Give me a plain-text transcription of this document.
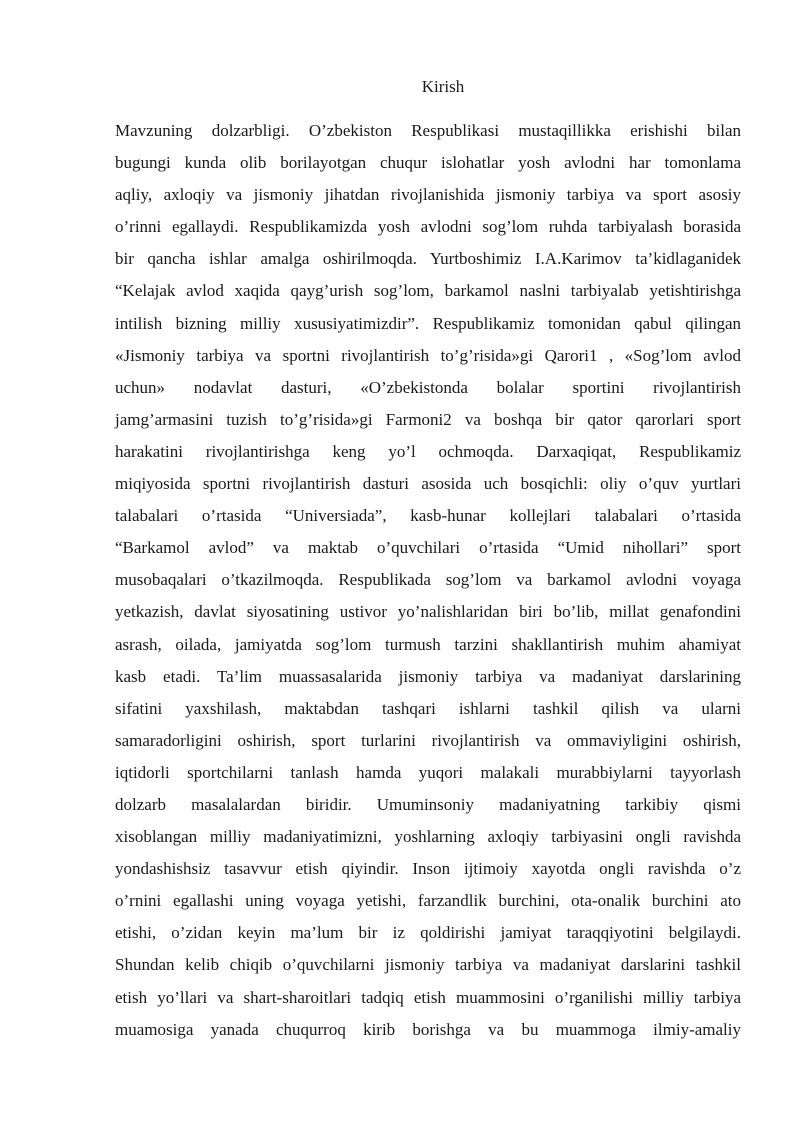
Kirish
Mavzuning dolzarbligi. O’zbekiston Respublikasi mustaqillikka erishishi bilan
bugungi kunda olib borilayotgan chuqur islohatlar yosh avlodni har tomonlama
aqliy, axloqiy va jismoniy jihatdan rivojlanishida jismoniy tarbiya va sport asosiy
o’rinni egallaydi. Respublikamizda yosh avlodni sog’lom ruhda tarbiyalash borasida
bir qancha ishlar amalga oshirilmoqda. Yurtboshimiz I.A.Karimov ta’kidlaganidek
“Kelajak avlod xaqida qayg’urish sog’lom, barkamol naslni tarbiyalab yetishtirishga
intilish bizning milliy xususiyatimizdir”. Respublikamiz tomonidan qabul qilingan
«Jismoniy tarbiya va sportni rivojlantirish to’g’risida»gi Qarori1 , «Sog’lom avlod
uchun» nodavlat dasturi, «O’zbekistonda bolalar sportini rivojlantirish
jamg’armasini tuzish to’g’risida»gi Farmoni2 va boshqa bir qator qarorlari sport
harakatini rivojlantirishga keng yo’l ochmoqda. Darxaqiqat, Respublikamiz
miqiyosida sportni rivojlantirish dasturi asosida uch bosqichli: oliy o’quv yurtlari
talabalari o’rtasida “Universiada”, kasb-hunar kollejlari talabalari o’rtasida
“Barkamol avlod” va maktab o’quvchilari o’rtasida “Umid nihollari” sport
musobaqalari o’tkazilmoqda. Respublikada sog’lom va barkamol avlodni voyaga
yetkazish, davlat siyosatining ustivor yo’nalishlaridan biri bo’lib, millat genafondini
asrash, oilada, jamiyatda sog’lom turmush tarzini shakllantirish muhim ahamiyat
kasb etadi. Ta’lim muassasalarida jismoniy tarbiya va madaniyat darslarining
sifatini yaxshilash, maktabdan tashqari ishlarni tashkil qilish va ularni
samaradorligini oshirish, sport turlarini rivojlantirish va ommaviyligini oshirish,
iqtidorli sportchilarni tanlash hamda yuqori malakali murabbiylarni tayyorlash
dolzarb masalalardan biridir. Umuminsoniy madaniyatning tarkibiy qismi
xisoblangan milliy madaniyatimizni, yoshlarning axloqiy tarbiyasini ongli ravishda
yondashishsiz tasavvur etish qiyindir. Inson ijtimoiy xayotda ongli ravishda o’z
o’rnini egallashi uning voyaga yetishi, farzandlik burchini, ota-onalik burchini ato
etishi, o’zidan keyin ma’lum bir iz qoldirishi jamiyat taraqqiyotini belgilaydi.
Shundan kelib chiqib o’quvchilarni jismoniy tarbiya va madaniyat darslarini tashkil
etish yo’llari va shart-sharoitlari tadqiq etish muammosini o’rganilishi milliy tarbiya
muamosiga yanada chuqurroq kirib borishga va bu muammoga ilmiy-amaliy
